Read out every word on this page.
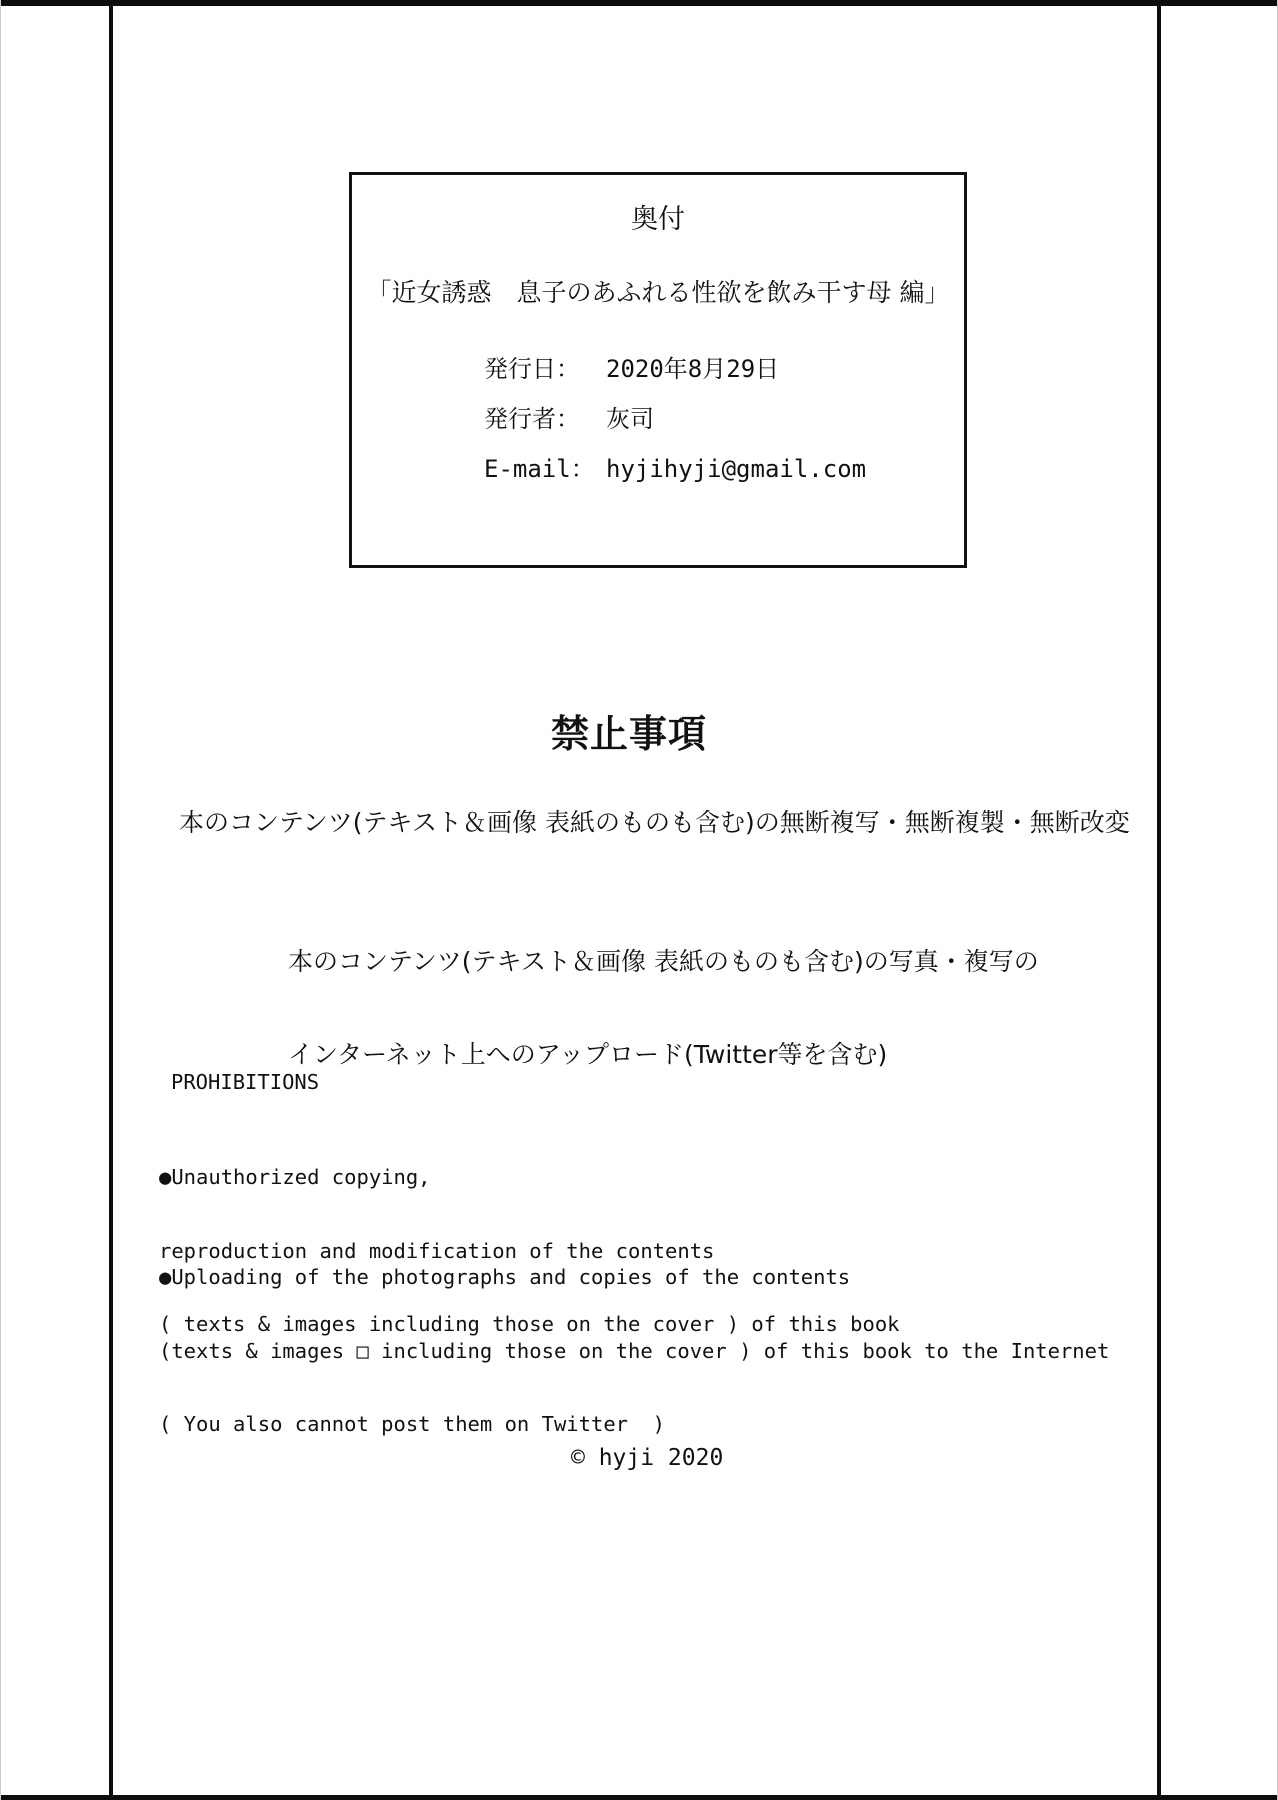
奥付
「近女誘惑　息子のあふれる性欲を飲み干す母 編」
発行日：	2020年8月29日
発行者：	灰司
E-mail： hyjihyji@gmail.com
禁止事項
本のコンテンツ(テキスト＆画像 表紙のものも含む)の無断複写・無断複製・無断改変

本のコンテンツ(テキスト＆画像 表紙のものも含む)の写真・複写の

インターネット上へのアップロード(Twitter等を含む)

PROHIBITIONS

●Unauthorized copying,

reproduction and modification of the contents

( texts & images including those on the cover ) of this book

●Uploading of the photographs and copies of the contents

(texts & images □ including those on the cover ) of this book to the Internet

( You also cannot post them on Twitter  )

© hyji 2020
